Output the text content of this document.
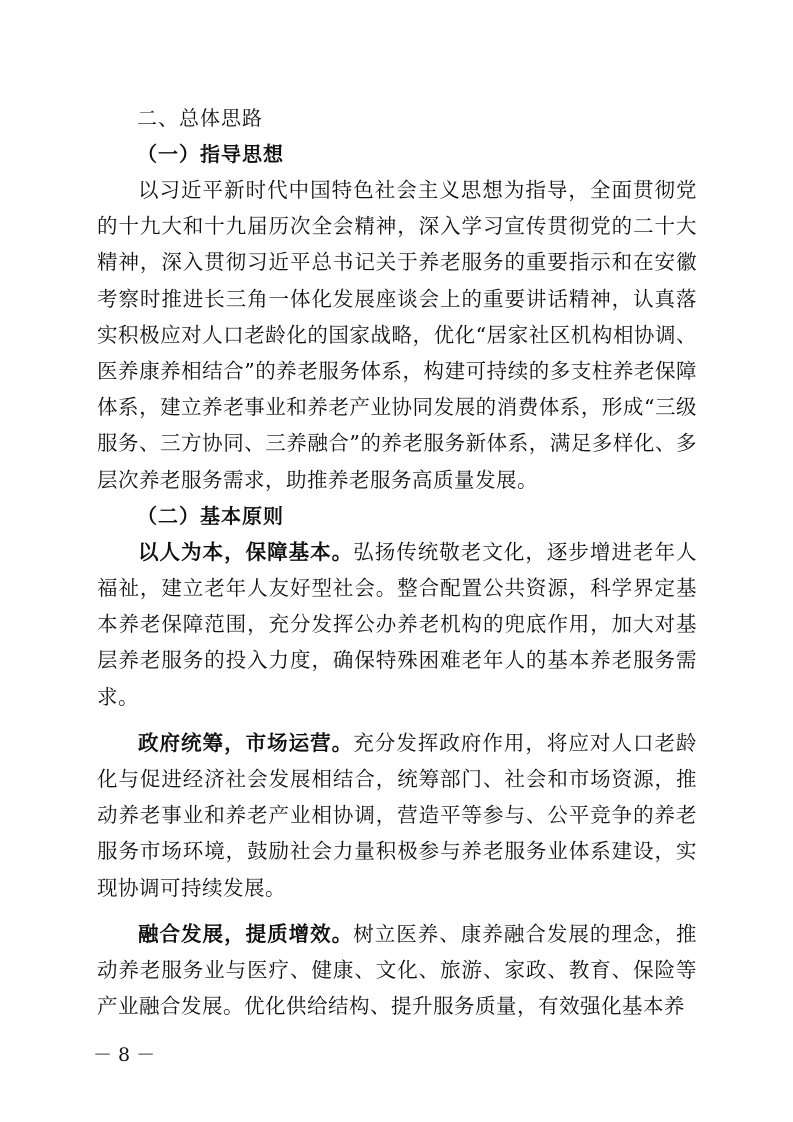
二、总体思路
（一）指导思想

以习近平新时代中国特色社会主义思想为指导，全面贯彻党的十九大和十九届历次全会精神，深入学习宣传贯彻党的二十大精神，深入贯彻习近平总书记关于养老服务的重要指示和在安徽考察时推进长三角一体化发展座谈会上的重要讲话精神，认真落实积极应对人口老龄化的国家战略，优化“居家社区机构相协调、医养康养相结合”的养老服务体系，构建可持续的多支柱养老保障体系，建立养老事业和养老产业协同发展的消费体系，形成“三级服务、三方协同、三养融合”的养老服务新体系，满足多样化、多层次养老服务需求，助推养老服务高质量发展。

（二）基本原则

以人为本，保障基本。弘扬传统敬老文化，逐步增进老年人福祉，建立老年人友好型社会。整合配置公共资源，科学界定基本养老保障范围，充分发挥公办养老机构的兜底作用，加大对基层养老服务的投入力度，确保特殊困难老年人的基本养老服务需求。

政府统筹，市场运营。充分发挥政府作用，将应对人口老龄化与促进经济社会发展相结合，统筹部门、社会和市场资源，推动养老事业和养老产业相协调，营造平等参与、公平竞争的养老服务市场环境，鼓励社会力量积极参与养老服务业体系建设，实现协调可持续发展。

融合发展，提质增效。树立医养、康养融合发展的理念，推动养老服务业与医疗、健康、文化、旅游、家政、教育、保险等产业融合发展。优化供给结构、提升服务质量，有效强化基本养

－ 8 －
